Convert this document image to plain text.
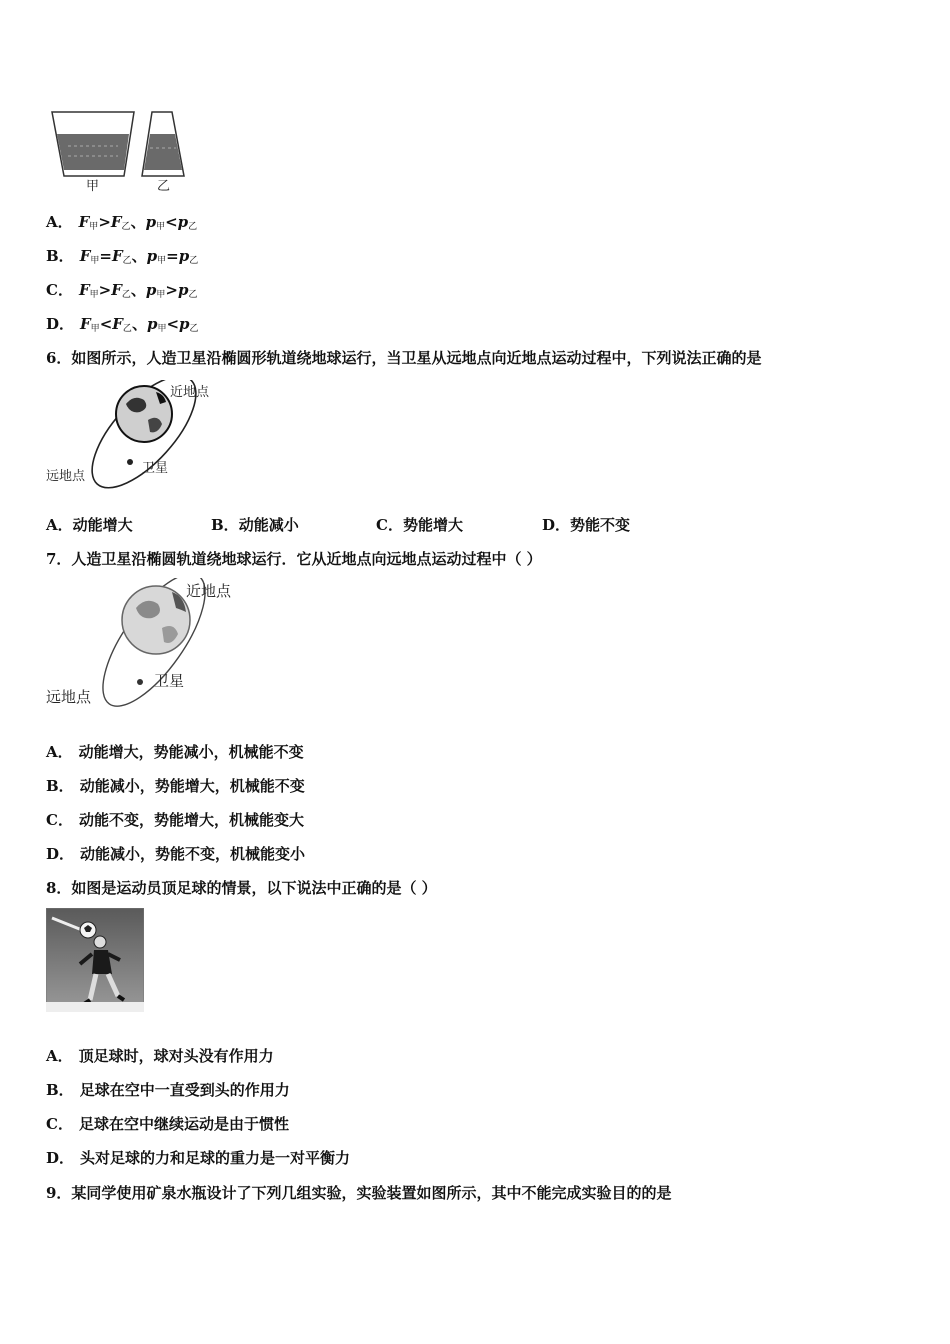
甲	乙
A． $F_甲>F_乙$、$p_甲<p_乙$
B． $F_甲=F_乙$、$p_甲=p_乙$
C． $F_甲>F_乙$、$p_甲>p_乙$
D． $F_甲<F_乙$、$p_甲<p_乙$
6．如图所示，人造卫星沿椭圆形轨道绕地球运行，当卫星从远地点向近地点运动过程中，下列说法正确的是
近地点
卫星
远地点
A．动能增大	B．动能减小	C．势能增大	D．势能不变
7．人造卫星沿椭圆轨道绕地球运行．它从近地点向远地点运动过程中（ ）
近地点
卫星
远地点
A． 动能增大，势能减小，机械能不变
B． 动能减小，势能增大，机械能不变
C． 动能不变，势能增大，机械能变大
D． 动能减小，势能不变，机械能变小
8．如图是运动员顶足球的情景，以下说法中正确的是（ ）
A． 顶足球时，球对头没有作用力
B． 足球在空中一直受到头的作用力
C． 足球在空中继续运动是由于惯性
D． 头对足球的力和足球的重力是一对平衡力
9．某同学使用矿泉水瓶设计了下列几组实验，实验装置如图所示，其中不能完成实验目的的是
